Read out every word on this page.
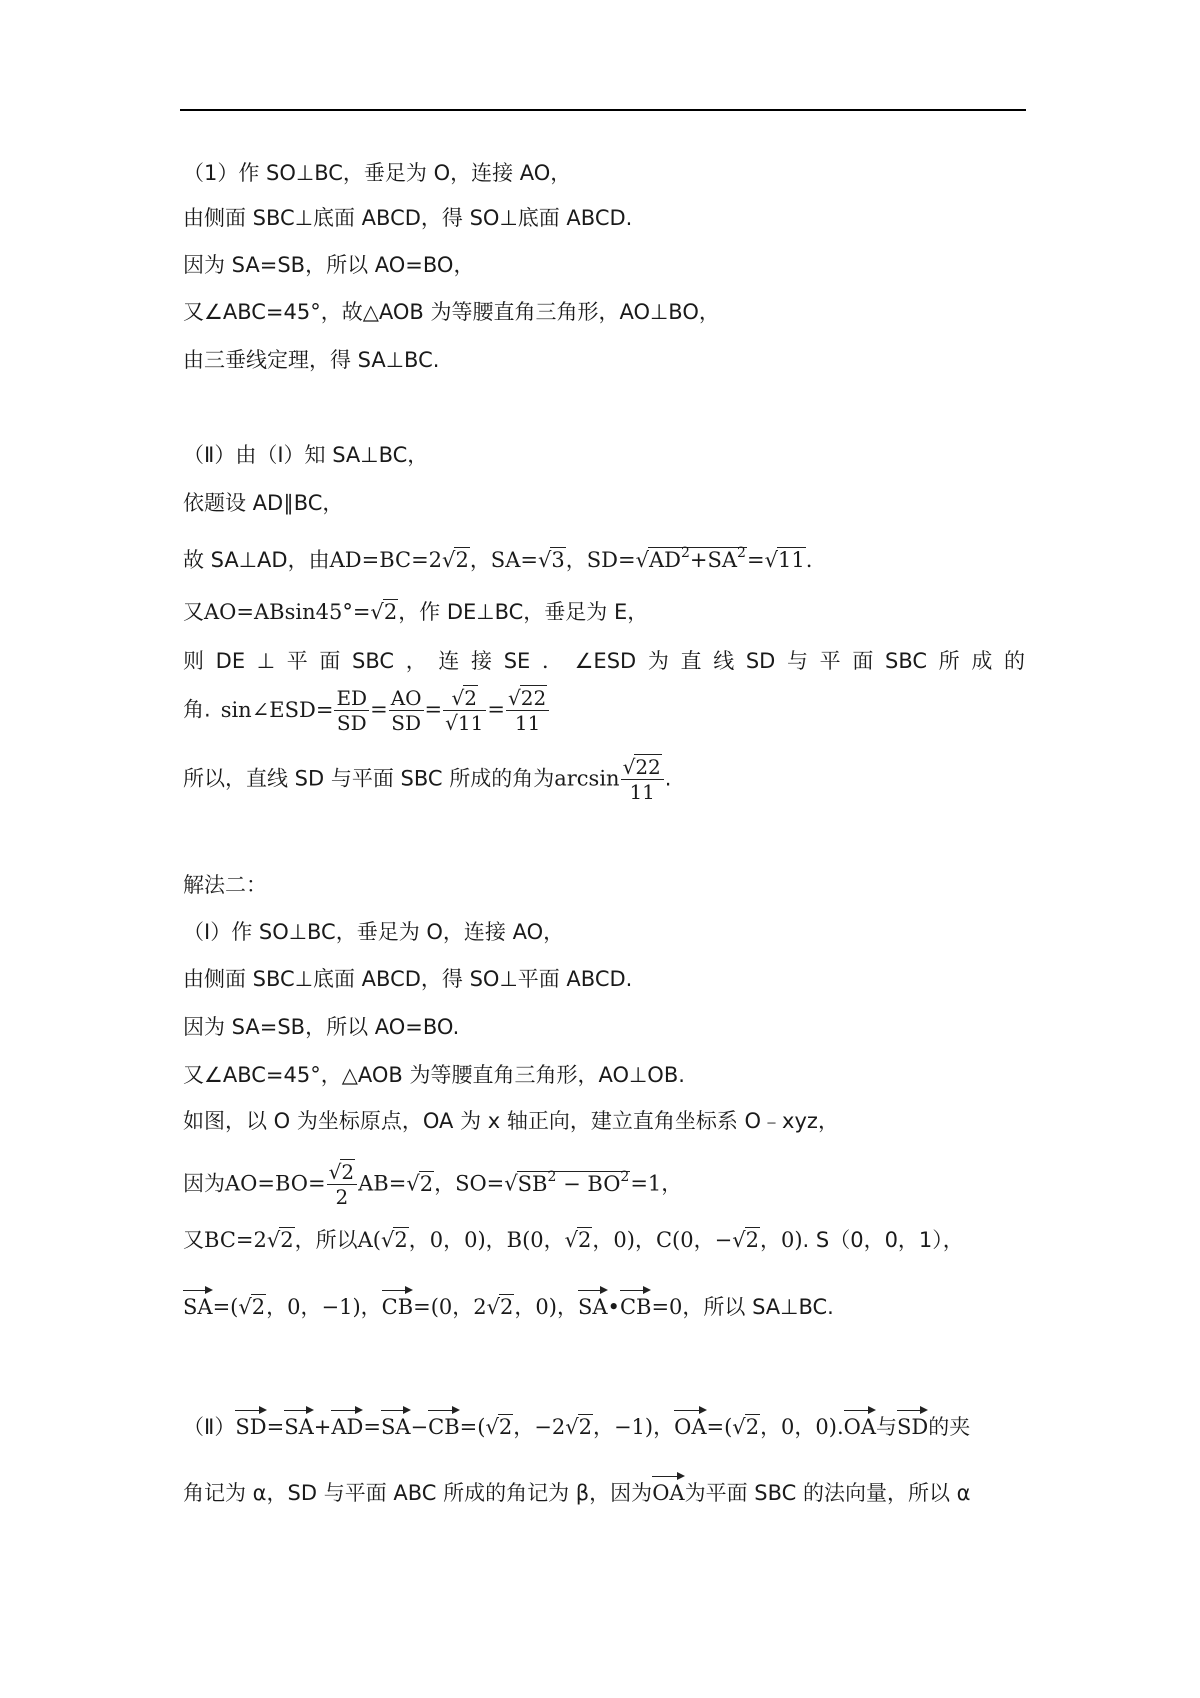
（1）作 SO⊥BC，垂足为 O，连接 AO，
由侧面 SBC⊥底面 ABCD，得 SO⊥底面 ABCD.
因为 SA=SB，所以 AO=BO，
又∠ABC=45°，故△AOB 为等腰直角三角形，AO⊥BO，
由三垂线定理，得 SA⊥BC.
（Ⅱ）由（Ⅰ）知 SA⊥BC，
依题设 AD∥BC，
故 SA⊥AD，由AD=BC=2√2，SA=√3，$SD=√AD^2+SA^2=√11$.
又AO=ABsin45°=√2，作 DE⊥BC，垂足为 E，
则 DE ⊥ 平 面 SBC ， 连 接 SE ． ∠ESD 为 直 线 SD 与 平 面 SBC 所 成 的
角. sin∠ESD= $\frac{ED}{SD} = \frac{AO}{SD} = \frac{√2}{√11} = \frac{√22}{11}$
所以，直线 SD 与平面 SBC 所成的角为$\arcsin \frac{√22}{11}$ .
解法二：
（Ⅰ）作 SO⊥BC，垂足为 O，连接 AO，
由侧面 SBC⊥底面 ABCD，得 SO⊥平面 ABCD.
因为 SA=SB，所以 AO=BO.
又∠ABC=45°，△AOB 为等腰直角三角形，AO⊥OB.
如图，以 O 为坐标原点，OA 为 x 轴正向，建立直角坐标系 O﹣xyz，
因为$AO=BO= \frac{√2}{2} AB=√2$，$SO=√SB^2 - BO^2=1$，
又BC=2√2，所以A(√2，0，0)，B(0，√2，0)，C(0，−√2，0). S（0，0，1），
SA=(√2，0，−1)，CB=(0，2√2，0)，SA•CB=0，所以 SA⊥BC.
（Ⅱ）SD=SA+AD=SA−CB=(√2，−2√2，−1)，OA=(√2，0，0).OA与SD的夹
角记为 α，SD 与平面 ABC 所成的角记为 β，因为OA为平面 SBC 的法向量，所以 α
